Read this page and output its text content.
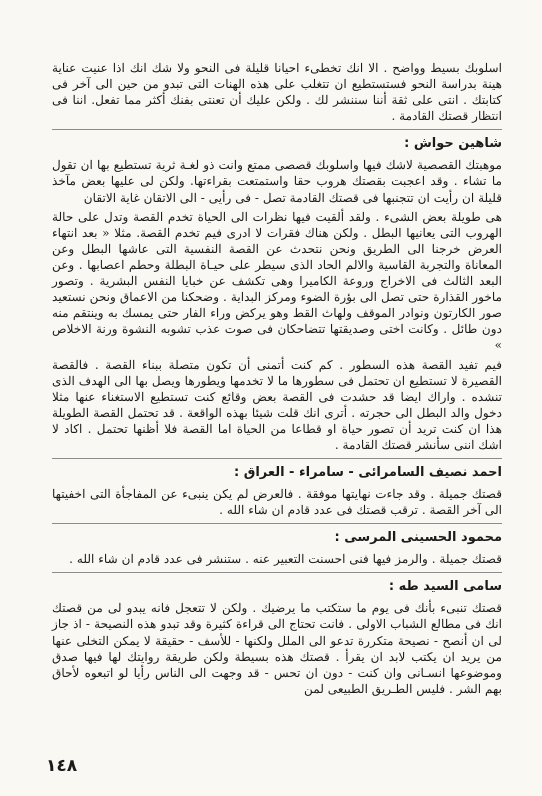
اسلوبك بسيط وواضح . الا انك تخطىء احيانا قليلة فى النحو ولا شك انك اذا عنيت عناية هينة بدراسة النحو فستستطيع ان تتغلب على هذه الهنات التى تبدو من حين الى آخر فى كتابتك . انتى على ثقة أننا سننشر لك . ولكن عليك أن تعنتى بفنك أكثر مما تفعل. اننا فى انتظار قصتك القادمة .

شاهين حواش :

موهبتك القصصية لاشك فيها واسلوبك قصصى ممتع وانت ذو لغـة ثرية تستطيع بها ان تقول ما تشاء . وقد اعجبت بقصتك هروب حقا واستمتعت بقراءتها. ولكن لى عليها بعض مآخذ قليلة ان رأيت ان تتجنبها فى قصتك القادمة تصل - فى رأيى - الى الاتقان غاية الاتقان

هى طويلة بعض الشىء . ولقد ألقيت فيها نظرات الى الحياة تخدم القصة وتدل على حالة الهروب التى يعانيها البطل . ولكن هناك فقرات لا ادرى فيم تخدم القصة. مثلا « بعد انتهاء العرض خرجنا الى الطريق ونحن نتحدث عن القصة النفسية التى عاشها البطل وعن المعاناة والتجربة القاسية والالم الحاد الذى سيطر على حيـاة البطلة وحطم اعصابها . وعن البعد الثالث فى الاخراج وروعة الكاميرا وهى تكشف عن خبايا النفس البشرية . وتصور ماخور القذارة حتى تصل الى بؤرة الضوء ومركز البداية . وضحكنا من الاعماق ونحن نستعيد صور الكارتون ونوادر الموقف ولهاث القط وهو يركض وراء الفار حتى يمسك به وينتقم منه دون طائل . وكانت اختى وصديقتها تتضاحكان فى صوت عذب تشوبه النشوة ورنة الاخلاص »

فيم تفيد القصة هذه السطور . كم كنت أتمنى أن تكون متصلة ببناء القصة . فالقصة القصيرة لا تستطيع ان تحتمل فى سطورها ما لا تخدمها ويطورها ويصل بها الى الهدف الذى تنشده . واراك ايضا قد حشدت فى القصة بعض وقائع كنت تستطيع الاستغناء عنها مثلا دخول والد البطل الى حجرته . أترى انك قلت شيئا بهذه الواقعة . قد تحتمل القصة الطويلة هذا ان كنت تريد أن تصور حياة او قطاعا من الحياة اما القصة فلا أظنها تحتمل . اكاد لا اشك اننى سأنشر قصتك القادمة .

احمد نصيف السامرائى - سامراء - العراق :

قصتك جميلة . وقد جاءت نهايتها موفقة . فالعرض لم يكن ينبىء عن المفاجأة التى اخفيتها الى آخر القصة . ترقب قصتك فى عدد قادم ان شاء الله .

محمود الحسينى المرسى :

قصتك جميلة . والرمز فيها فنى احسنت التعبير عنه . ستنشر فى عدد قادم ان شاء الله .

سامى السيد طه :

قصتك تنبىء بأنك فى يوم ما ستكتب ما يرضيك . ولكن لا تتعجل فانه يبدو لى من قصتك انك فى مطالع الشباب الاولى . فانت تحتاج الى قراءة كثيرة وقد تبدو هذه النصيحة - اذ جاز لى ان أنصح - نصيحة متكررة تدعو الى الملل ولكنها - للأسف - حقيقة لا يمكن التخلى عنها من يريد ان يكتب لابد ان يقرأ . قصتك هذه بسيطة ولكن طريقة روايتك لها فيها صدق وموضوعها انسـانى وان كنت - دون ان تحس - قد وجهت الى الناس رأيا لو اتبعوه لأحاق بهم الشر . فليس الطـريق الطبيعى لمن

١٤٨
